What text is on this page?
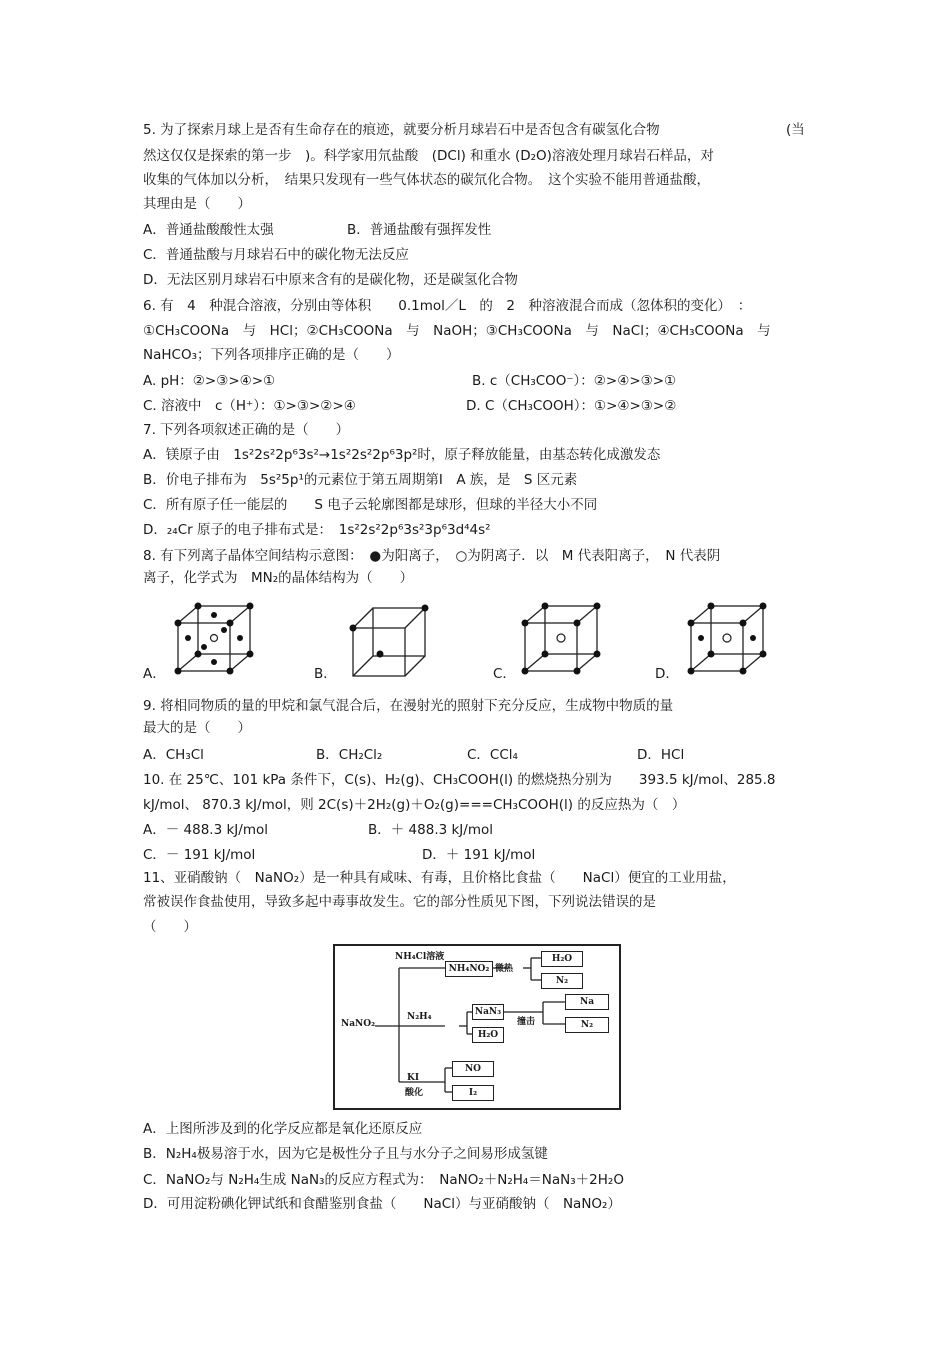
5. 为了探索月球上是否有生命存在的痕迹，就要分析月球岩石中是否包含有碳氢化合物	(当
然这仅仅是探索的第一步　)。科学家用氘盐酸　(DCl) 和重水 (D₂O)溶液处理月球岩石样品，对
收集的气体加以分析，　结果只发现有一些气体状态的碳氘化合物。　这个实验不能用普通盐酸，
其理由是（　　）
A．普通盐酸酸性太强	B．普通盐酸有强挥发性
C．普通盐酸与月球岩石中的碳化物无法反应
D．无法区别月球岩石中原来含有的是碳化物，还是碳氢化合物
6. 有　4　种混合溶液，分别由等体积　　0.1mol／L　的　2　种溶液混合而成（忽体积的变化）　：
①CH₃COONa　与　HCl；②CH₃COONa　与　NaOH；③CH₃COONa　与　NaCl；④CH₃COONa　与
NaHCO₃；下列各项排序正确的是（　　）
A. pH：②>③>④>①	B. c（CH₃COO⁻）：②>④>③>①
C. 溶液中　c（H⁺）：①>③>②>④	D. C（CH₃COOH）：①>④>③>②
7. 下列各项叙述正确的是（　　）
A．镁原子由　1s²2s²2p⁶3s²→1s²2s²2p⁶3p²时，原子释放能量，由基态转化成激发态
B．价电子排布为　5s²5p¹的元素位于第五周期第Ⅰ　A 族，是　S 区元素
C．所有原子任一能层的　　S 电子云轮廓图都是球形，但球的半径大小不同
D．₂₄Cr 原子的电子排布式是：　1s²2s²2p⁶3s²3p⁶3d⁴4s²
8. 有下列离子晶体空间结构示意图：　●为阳离子，　○为阴离子．以　M 代表阳离子，　N 代表阴
离子，化学式为　MN₂的晶体结构为（　　）
A．	B．	C．	D．
9. 将相同物质的量的甲烷和氯气混合后，在漫射光的照射下充分反应，生成物中物质的量
最大的是（　　）
A．CH₃Cl	B．CH₂Cl₂	C．CCl₄	D．HCl
10. 在 25℃、101 kPa 条件下，C(s)、H₂(g)、CH₃COOH(l) 的燃烧热分别为　　393.5 kJ/mol、285.8
kJ/mol、 870.3 kJ/mol，则 2C(s)＋2H₂(g)＋O₂(g)===CH₃COOH(l) 的反应热为（　）
A．－ 488.3 kJ/mol	B．＋ 488.3 kJ/mol
C．－ 191 kJ/mol	D．＋ 191 kJ/mol
11、亚硝酸钠（　NaNO₂）是一种具有咸味、有毒，且价格比食盐（　　NaCl）便宜的工业用盐，
常被误作食盐使用，导致多起中毒事故发生。它的部分性质见下图，下列说法错误的是
（　　）
NaNO₂
NH₄Cl溶液
NH₄NO₂ 微热
H₂O
N₂
N₂H₄	NaN₃
H₂O
撞击
Na
N₂
KI
酸化
NO
I₂
A．上图所涉及到的化学反应都是氧化还原反应
B．N₂H₄极易溶于水，因为它是极性分子且与水分子之间易形成氢键
C．NaNO₂与 N₂H₄生成 NaN₃的反应方程式为：　NaNO₂＋N₂H₄＝NaN₃＋2H₂O
D．可用淀粉碘化钾试纸和食醋鉴别食盐（　　NaCl）与亚硝酸钠（　NaNO₂）
